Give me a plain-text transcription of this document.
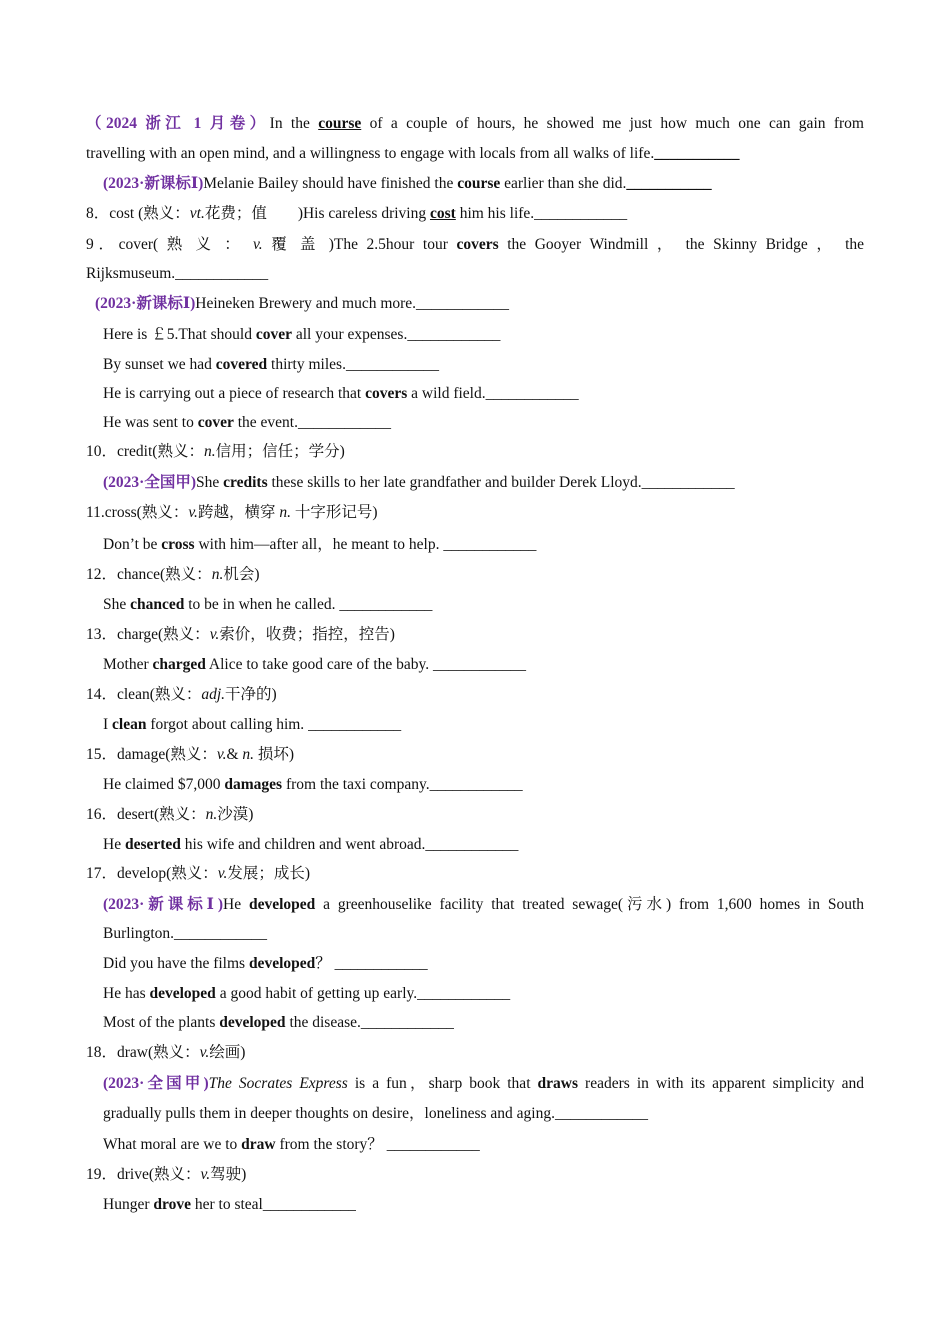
（2024 浙江 1 月卷）In the course of a couple of hours, he showed me just how much one can gain from
travelling with an open mind, and a willingness to engage with locals from all walks of life.___________
(2023·新课标Ⅰ)Melanie Bailey should have finished the course earlier than she did.___________
8．cost (熟义：vt.花费；值　　)His careless driving cost him his life.____________
9．cover( 熟 义 ： v. 覆 盖 )The 2.5hour tour covers the Gooyer Windmill ， the Skinny Bridge ， the
Rijksmuseum.____________
(2023·新课标Ⅰ)Heineken Brewery and much more.____________
Here is ￡5.That should cover all your expenses.____________
By sunset we had covered thirty miles.____________
He is carrying out a piece of research that covers a wild field.____________
He was sent to cover the event.____________
10．credit(熟义：n.信用；信任；学分)
(2023·全国甲)She credits these skills to her late grandfather and builder Derek Lloyd.____________
11.cross(熟义：v.跨越，横穿 n. 十字形记号)
Don’t be cross with him—after all，he meant to help. ____________
12．chance(熟义：n.机会)
She chanced to be in when he called. ____________
13．charge(熟义：v.索价，收费；指控，控告)
Mother charged Alice to take good care of the baby. ____________
14．clean(熟义：adj.干净的)
I clean forgot about calling him. ____________
15．damage(熟义：v.& n. 损坏)
He claimed $7,000 damages from the taxi company.____________
16．desert(熟义：n.沙漠)
He deserted his wife and children and went abroad.____________
17．develop(熟义：v.发展；成长)
(2023·新课标Ⅰ)He developed a greenhouselike facility that treated sewage(污水) from 1,600 homes in South
Burlington.____________
Did you have the films developed？ ____________
He has developed a good habit of getting up early.____________
Most of the plants developed the disease.____________
18．draw(熟义：v.绘画)
(2023·全国甲)The Socrates Express is a fun，sharp book that draws readers in with its apparent simplicity and
gradually pulls them in deeper thoughts on desire，loneliness and aging.____________
What moral are we to draw from the story？ ____________
19．drive(熟义：v.驾驶)
Hunger drove her to steal____________
